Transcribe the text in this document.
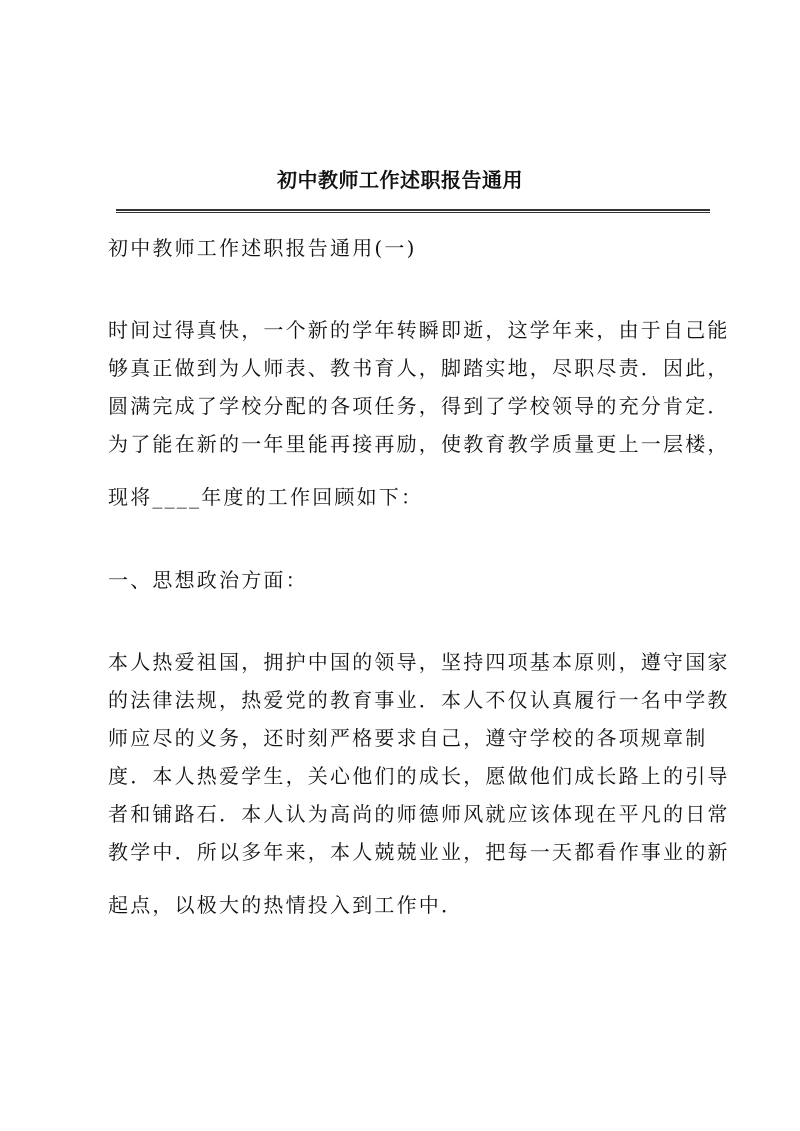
初中教师工作述职报告通用
初中教师工作述职报告通用(一)
时间过得真快，一个新的学年转瞬即逝，这学年来，由于自己能
够真正做到为人师表、教书育人，脚踏实地，尽职尽责．因此，
圆满完成了学校分配的各项任务，得到了学校领导的充分肯定．
为了能在新的一年里能再接再励，使教育教学质量更上一层楼，
现将____年度的工作回顾如下：
一、思想政治方面：
本人热爱祖国，拥护中国的领导，坚持四项基本原则，遵守国家
的法律法规，热爱党的教育事业．本人不仅认真履行一名中学教
师应尽的义务，还时刻严格要求自己，遵守学校的各项规章制
度．本人热爱学生，关心他们的成长，愿做他们成长路上的引导
者和铺路石．本人认为高尚的师德师风就应该体现在平凡的日常
教学中．所以多年来，本人兢兢业业，把每一天都看作事业的新
起点，以极大的热情投入到工作中．
